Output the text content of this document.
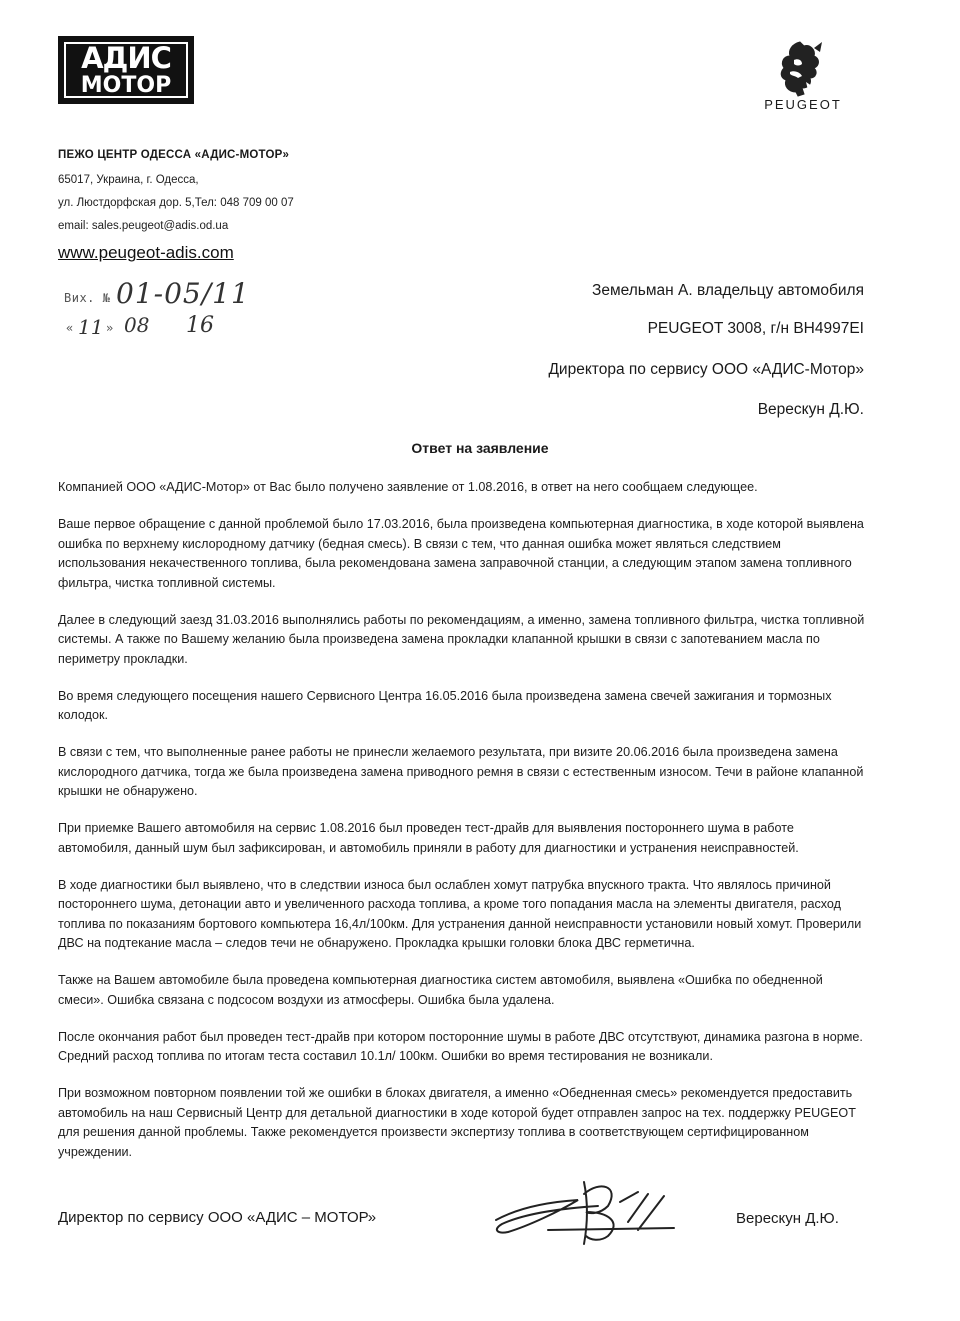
АДИС
МОТОР
PEUGEOT
ПЕЖО ЦЕНТР ОДЕССА «АДИС-МОТОР»
65017, Украина, г. Одесса,
ул. Люстдорфская дор. 5,Тел: 048 709 00 07
email: sales.peugeot@adis.od.ua
www.peugeot-adis.com
Вих. № 01-05/11
« 11 » 08 16
Земельман А. владельцу автомобиля
PEUGEOT 3008, г/н ВН4997ЕІ
Директора по сервису ООО «АДИС-Мотор»
Верескун Д.Ю.
Ответ на заявление

Компанией ООО «АДИС-Мотор» от Вас было получено заявление от 1.08.2016, в ответ на него сообщаем следующее.

Ваше первое обращение с данной проблемой было 17.03.2016, была произведена компьютерная диагностика, в ходе которой выявлена ошибка по верхнему кислородному датчику (бедная смесь). В связи с тем, что данная ошибка может являться следствием использования некачественного топлива, была рекомендована замена заправочной станции, а следующим этапом замена топливного фильтра, чистка топливной системы.

Далее в следующий заезд 31.03.2016 выполнялись работы по рекомендациям, а именно, замена топливного фильтра, чистка топливной системы. А также по Вашему желанию была произведена замена прокладки клапанной крышки в связи с запотеванием масла по периметру прокладки.

Во время следующего посещения нашего Сервисного Центра 16.05.2016 была произведена замена свечей зажигания и тормозных колодок.

В связи с тем, что выполненные ранее работы не принесли желаемого результата, при визите 20.06.2016 была произведена замена кислородного датчика, тогда же была произведена замена приводного ремня в связи с естественным износом. Течи в районе клапанной крышки не обнаружено.

При приемке Вашего автомобиля на сервис 1.08.2016 был проведен тест-драйв для выявления постороннего шума в работе автомобиля, данный шум был зафиксирован, и автомобиль приняли в работу для диагностики и устранения неисправностей.

В ходе диагностики был выявлено, что в следствии износа был ослаблен хомут патрубка впускного тракта. Что являлось причиной постороннего шума, детонации авто и увеличенного расхода топлива, а кроме того попадания масла на элементы двигателя, расход топлива по показаниям бортового компьютера 16,4л/100км. Для устранения данной неисправности установили новый хомут. Проверили ДВС на подтекание масла – следов течи не обнаружено. Прокладка крышки головки блока ДВС герметична.

Также на Вашем автомобиле была проведена компьютерная диагностика систем автомобиля, выявлена «Ошибка по обедненной смеси». Ошибка связана с подсосом воздухи из атмосферы. Ошибка была удалена.

После окончания работ был проведен тест-драйв при котором посторонние шумы в работе ДВС отсутствуют, динамика разгона в норме. Средний расход топлива по итогам теста составил 10.1л/ 100км. Ошибки во время тестирования не возникали.

При возможном повторном появлении той же ошибки в блоках двигателя, а именно «Обедненная смесь» рекомендуется предоставить автомобиль на наш Сервисный Центр для детальной диагностики в ходе которой будет отправлен запрос на тех. поддержку PEUGEOT для решения данной проблемы. Также рекомендуется произвести экспертизу топлива в соответствующем сертифицированном учреждении.

Директор по сервису ООО «АДИС – МОТОР»	Верескун Д.Ю.
